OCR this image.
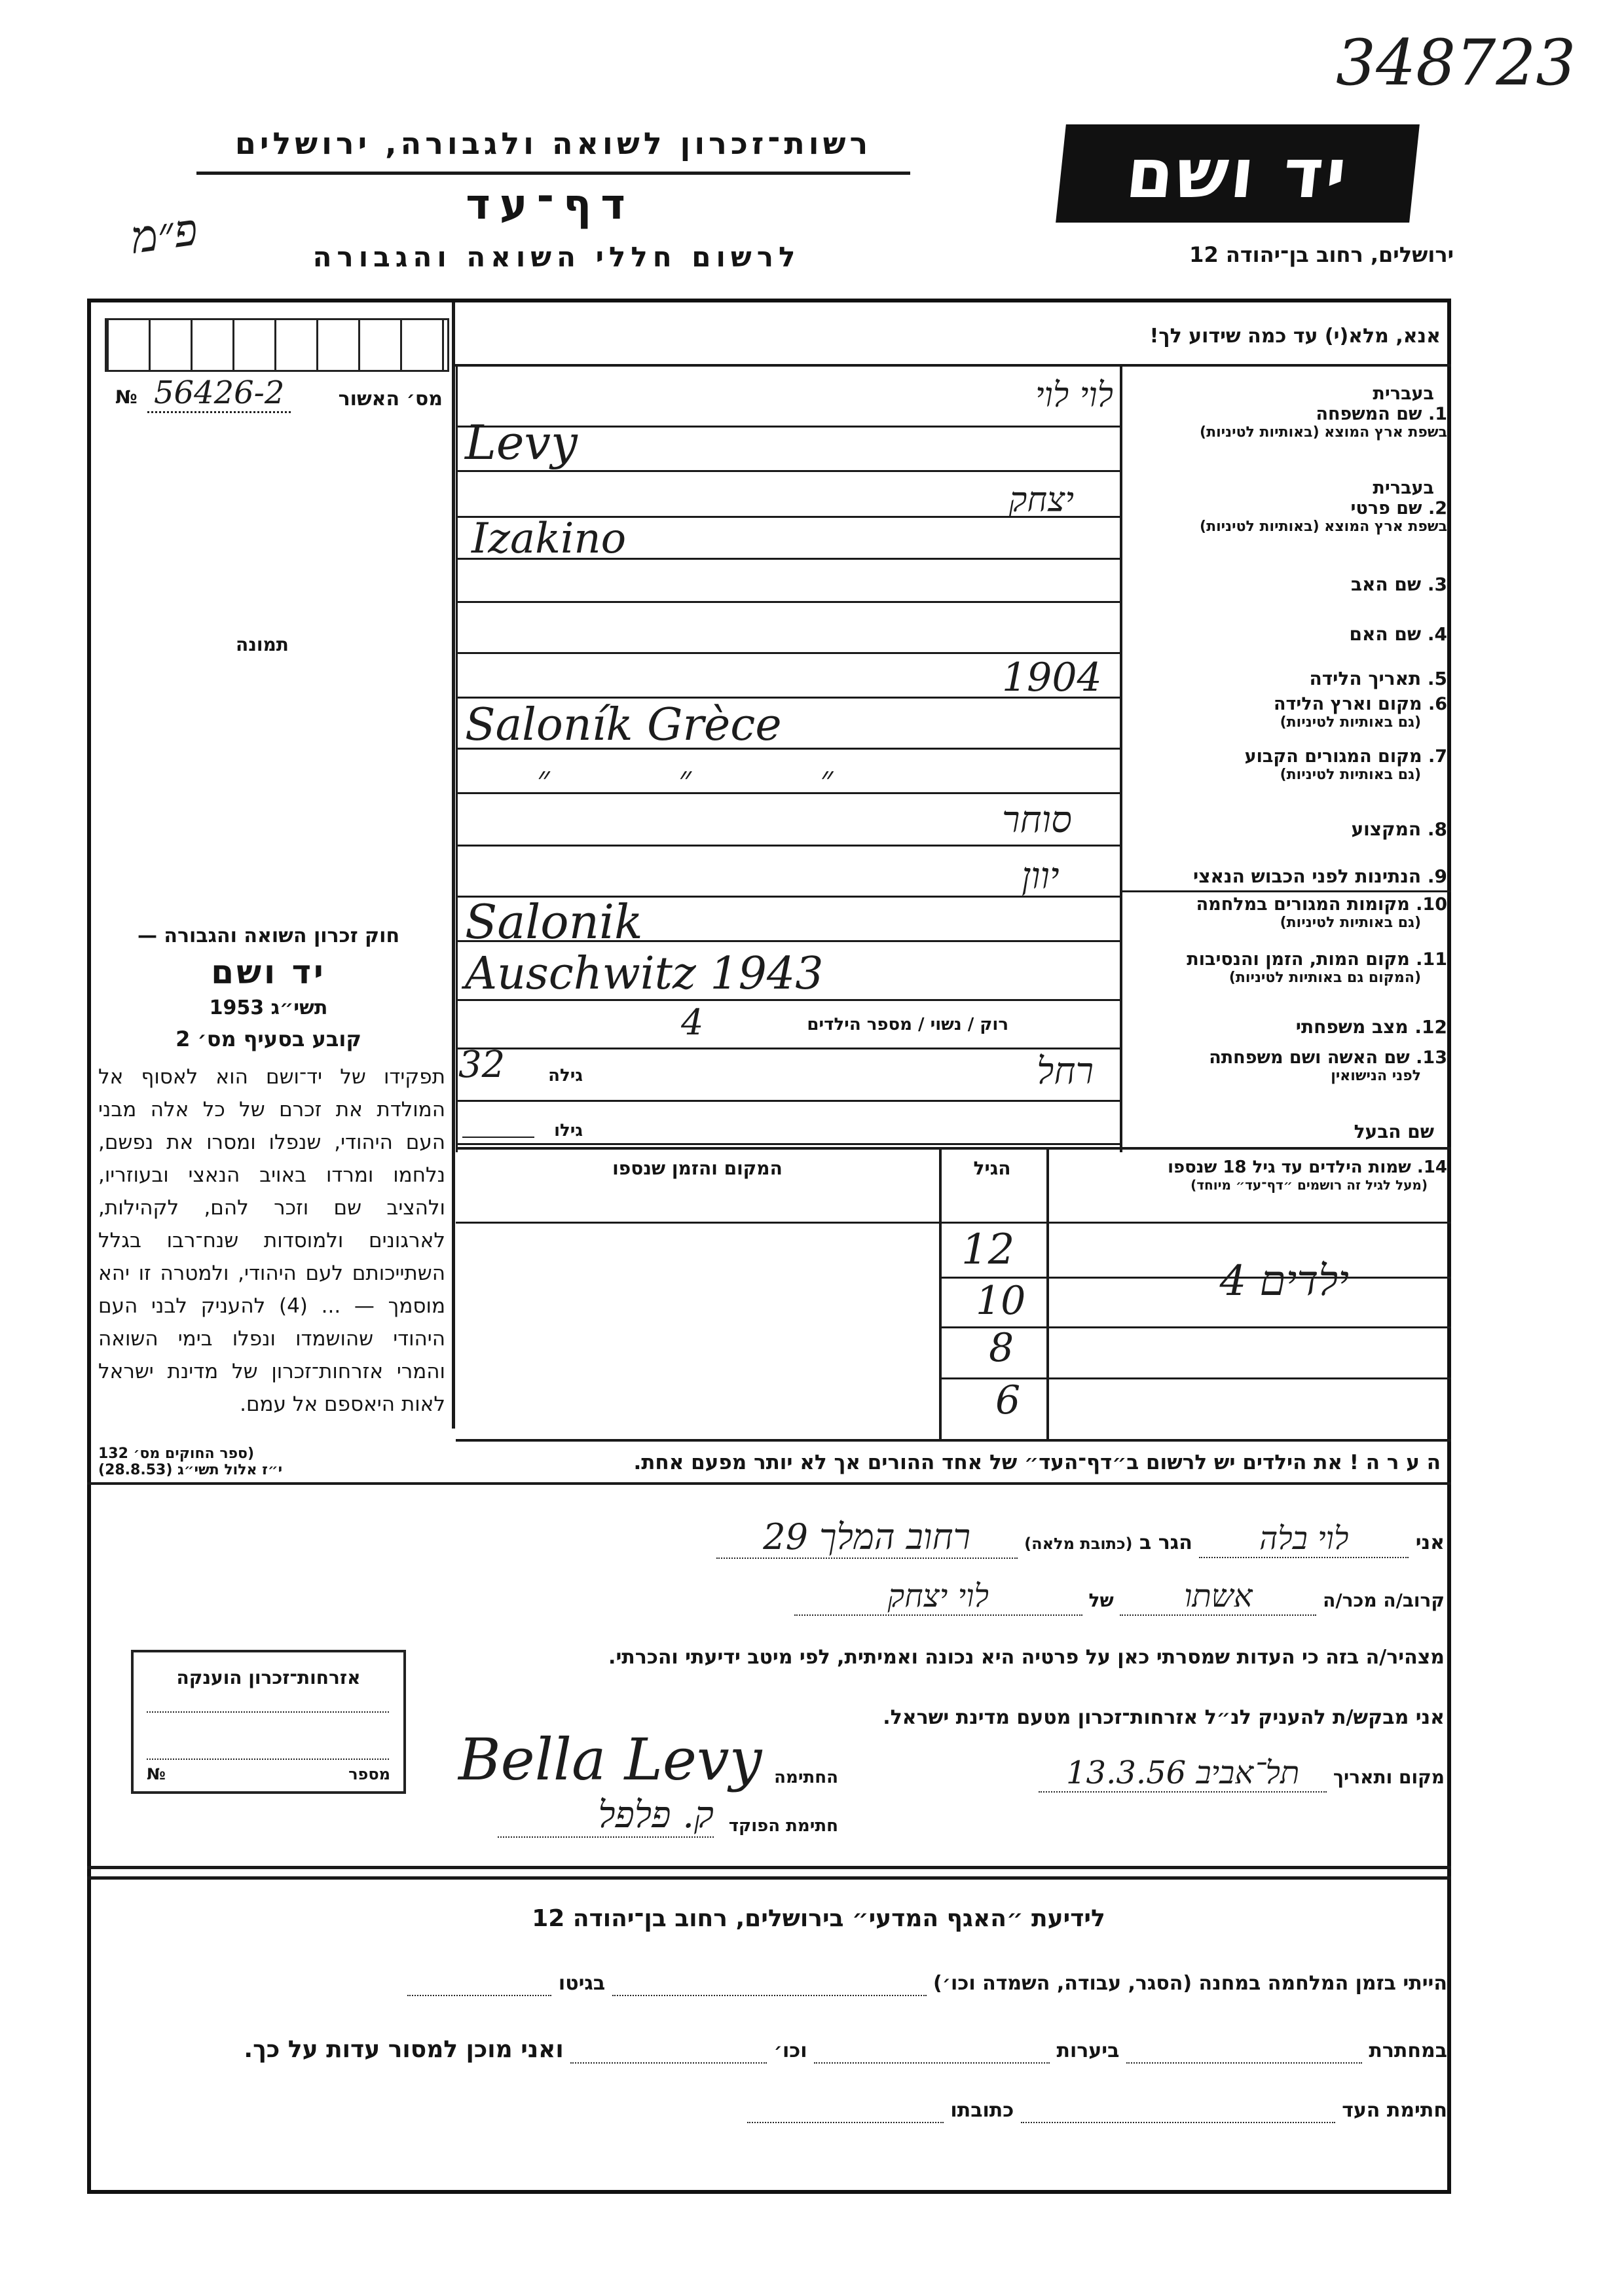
348723
רשות־זכרון לשואה ולגבורה, ירושלים
דף־עד
פ״מ	לרשום חללי השואה והגבורה
יד ושם
ירושלים, רחוב בן־יהודה 12
מס׳ האשור
№ 56426-2
תמונה
חוק זכרון השואה והגבורה —
יד ושם
תשי״ג 1953
קובע בסעיף מס׳ 2
תפקידו של יד־ושם הוא לאסוף אל המולדת את זכרם של כל אלה מבני העם היהודי, שנפלו ומסרו את נפשם, נלחמו ומרדו באויב הנאצי ובעוזריו, ולהציב שם וזכר להם, לקהילות, לארגונים ולמוסדות שנח־רבו בגלל השתייכותם לעם היהודי, ולמטרה זו יהא מוסמך — ... (4) להעניק לבני העם היהודי שהושמדו ונפלו בימי השואה והמרי אזרחות־זכרון של מדינת ישראל לאות היאספם אל עמם.
(ספר החוקים מס׳ 132
י״ז אלול תשי״ג (28.8.53)
אזרחות־זכרון הוענקה
מספר
№
אנא, מלא(י) עד כמה שידוע לך!
בעברית
1. שם המשפחה
בשפת ארץ המוצא (באותיות לטיניות)
בעברית
2. שם פרטי
בשפת ארץ המוצא (באותיות לטיניות)
3. שם האב
4. שם האם
5. תאריך הלידה
6. מקום וארץ הלידה
(גם באותיות לטיניות)
7. מקום המגורים הקבוע
(גם באותיות לטיניות)
8. המקצוע
9. הנתינות לפני הכבוש הנאצי
10. מקומות המגורים במלחמה
(גם באותיות לטיניות)
11. מקום המות, הזמן והנסיבות
(המקום גם באותיות לטיניות)
12. מצב משפחתי
13. שם האשה ושם משפחתה
לפני הנישואין
שם הבעל
לוי לוי
Levy
יצחק
Izakino
1904
Saloník Grèce
״ ״ ״
סוחר
יוון
Salonik
Auschwitz 1943
רוק / נשוי / מספר הילדים
4
רחל
גילה
32
גילו
14. שמות הילדים עד גיל 18 שנספו
(מעל לגיל זה רושמים ״דף־עד״ מיוחד)
הגיל
המקום והזמן שנספו
ילדים 4
12
10
8
6
ה ע ר ה ! את הילדים יש לרשום ב״דף־העד״ של אחד ההורים אך לא יותר מפעם אחת.
אני לוי בלה הגר ב (כתובת מלאה) רחוב המלך 29
קרוב/ה מכר/ה אשתו של לוי יצחק
מצהיר/ה בזה כי העדות שמסרתי כאן על פרטיה היא נכונה ואמיתית, לפי מיטב ידיעתי והכרתי.
אני מבקש/ת להעניק לנ״ל אזרחות־זכרון מטעם מדינת ישראל.
מקום ותאריך תל־אביב 13.3.56
החתימה
Bella Levy
חתימת הפוקד
ק. פלפל
לידיעת ״האגף המדעי״ בירושלים, רחוב בן־יהודה 12
הייתי בזמן המלחמה במחנה (הסגר, עבודה, השמדה וכו׳)   בגיטו
במחתרת   ביערות   וכו׳   ואני מוכן למסור עדות על כך.
חתימת העד   כתובתו
